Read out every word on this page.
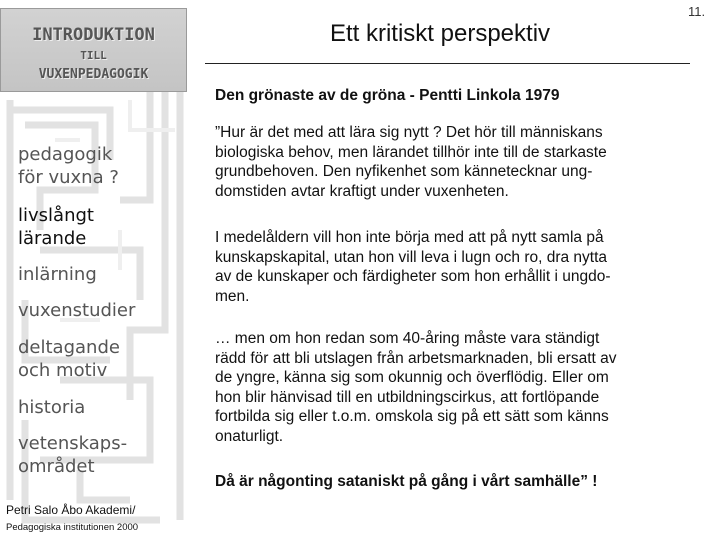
INTRODUKTION
TILL
VUXENPEDAGOGIK
pedagogik
för vuxna ?
livslångt
lärande
inlärning
vuxenstudier
deltagande
och motiv
historia
vetenskaps-
området
Petri Salo Åbo Akademi/
Pedagogiska institutionen 2000
11.
Ett kritiskt perspektiv
Den grönaste av de gröna - Pentti Linkola 1979

”Hur är det med att lära sig nytt ? Det hör till människans
biologiska behov, men lärandet tillhör inte till de starkaste
grundbehoven. Den nyfikenhet som kännetecknar ung-
domstiden avtar kraftigt under vuxenheten.

I medelåldern vill hon inte börja med att på nytt samla på
kunskapskapital, utan hon vill leva i lugn och ro, dra nytta
av de kunskaper och färdigheter som hon erhållit i ungdo-
men.

… men om hon redan som 40-åring måste vara ständigt
rädd för att bli utslagen från arbetsmarknaden, bli ersatt av
de yngre, känna sig som okunnig och överflödig. Eller om
hon blir hänvisad till en utbildningscirkus, att fortlöpande
fortbilda sig eller t.o.m. omskola sig på ett sätt som känns
onaturligt.

Då är någonting sataniskt på gång i vårt samhälle” !
